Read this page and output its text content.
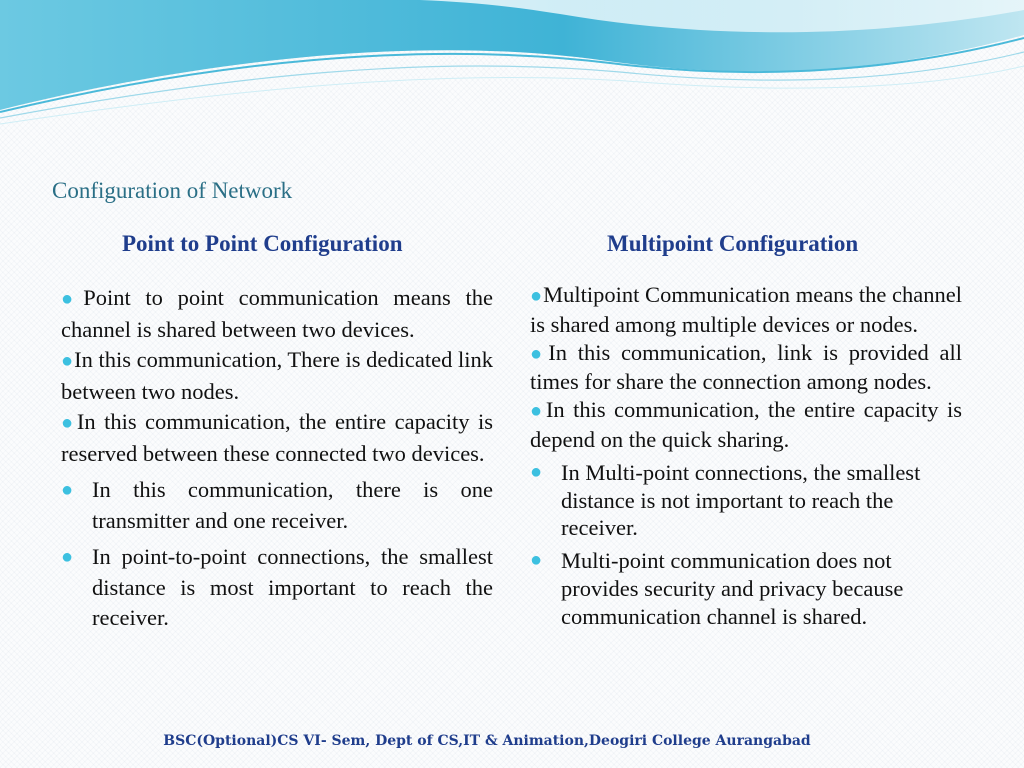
Configuration of Network
Point to Point Configuration	Multipoint Configuration

●Point to point communication means the channel is shared between two devices.

●In this communication, There is dedicated link between two nodes.

●In this communication, the entire capacity is reserved between these connected two devices.

● In this communication, there is one transmitter and one receiver.

● In point-to-point connections, the smallest distance is most important to reach the receiver.

●Multipoint Communication means the channel is shared among multiple devices or nodes.

●In this communication, link is provided all times for share the connection among nodes.

●In this communication, the entire capacity is depend on the quick sharing.

● In Multi-point connections, the smallest distance is not important to reach the receiver.

● Multi-point communication does not provides security and privacy because communication channel is shared.

BSC(Optional)CS VI- Sem, Dept of CS,IT & Animation,Deogiri College Aurangabad
